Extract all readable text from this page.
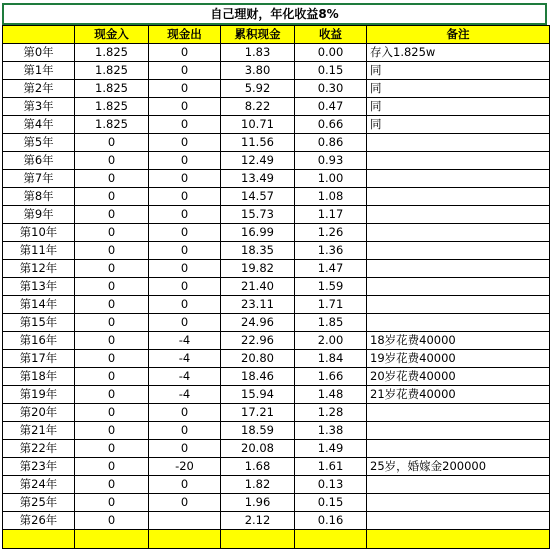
自己理财，年化收益8%
	现金入	现金出	累积现金	收益	备注
第0年	1.825	0	1.83	0.00	存入1.825w
第1年	1.825	0	3.80	0.15	同
第2年	1.825	0	5.92	0.30	同
第3年	1.825	0	8.22	0.47	同
第4年	1.825	0	10.71	0.66	同
第5年	0	0	11.56	0.86	
第6年	0	0	12.49	0.93	
第7年	0	0	13.49	1.00	
第8年	0	0	14.57	1.08	
第9年	0	0	15.73	1.17	
第10年	0	0	16.99	1.26	
第11年	0	0	18.35	1.36	
第12年	0	0	19.82	1.47	
第13年	0	0	21.40	1.59	
第14年	0	0	23.11	1.71	
第15年	0	0	24.96	1.85	
第16年	0	-4	22.96	2.00	18岁花费40000
第17年	0	-4	20.80	1.84	19岁花费40000
第18年	0	-4	18.46	1.66	20岁花费40000
第19年	0	-4	15.94	1.48	21岁花费40000
第20年	0	0	17.21	1.28	
第21年	0	0	18.59	1.38	
第22年	0	0	20.08	1.49	
第23年	0	-20	1.68	1.61	25岁，婚嫁金200000
第24年	0	0	1.82	0.13	
第25年	0	0	1.96	0.15	
第26年	0		2.12	0.16	
